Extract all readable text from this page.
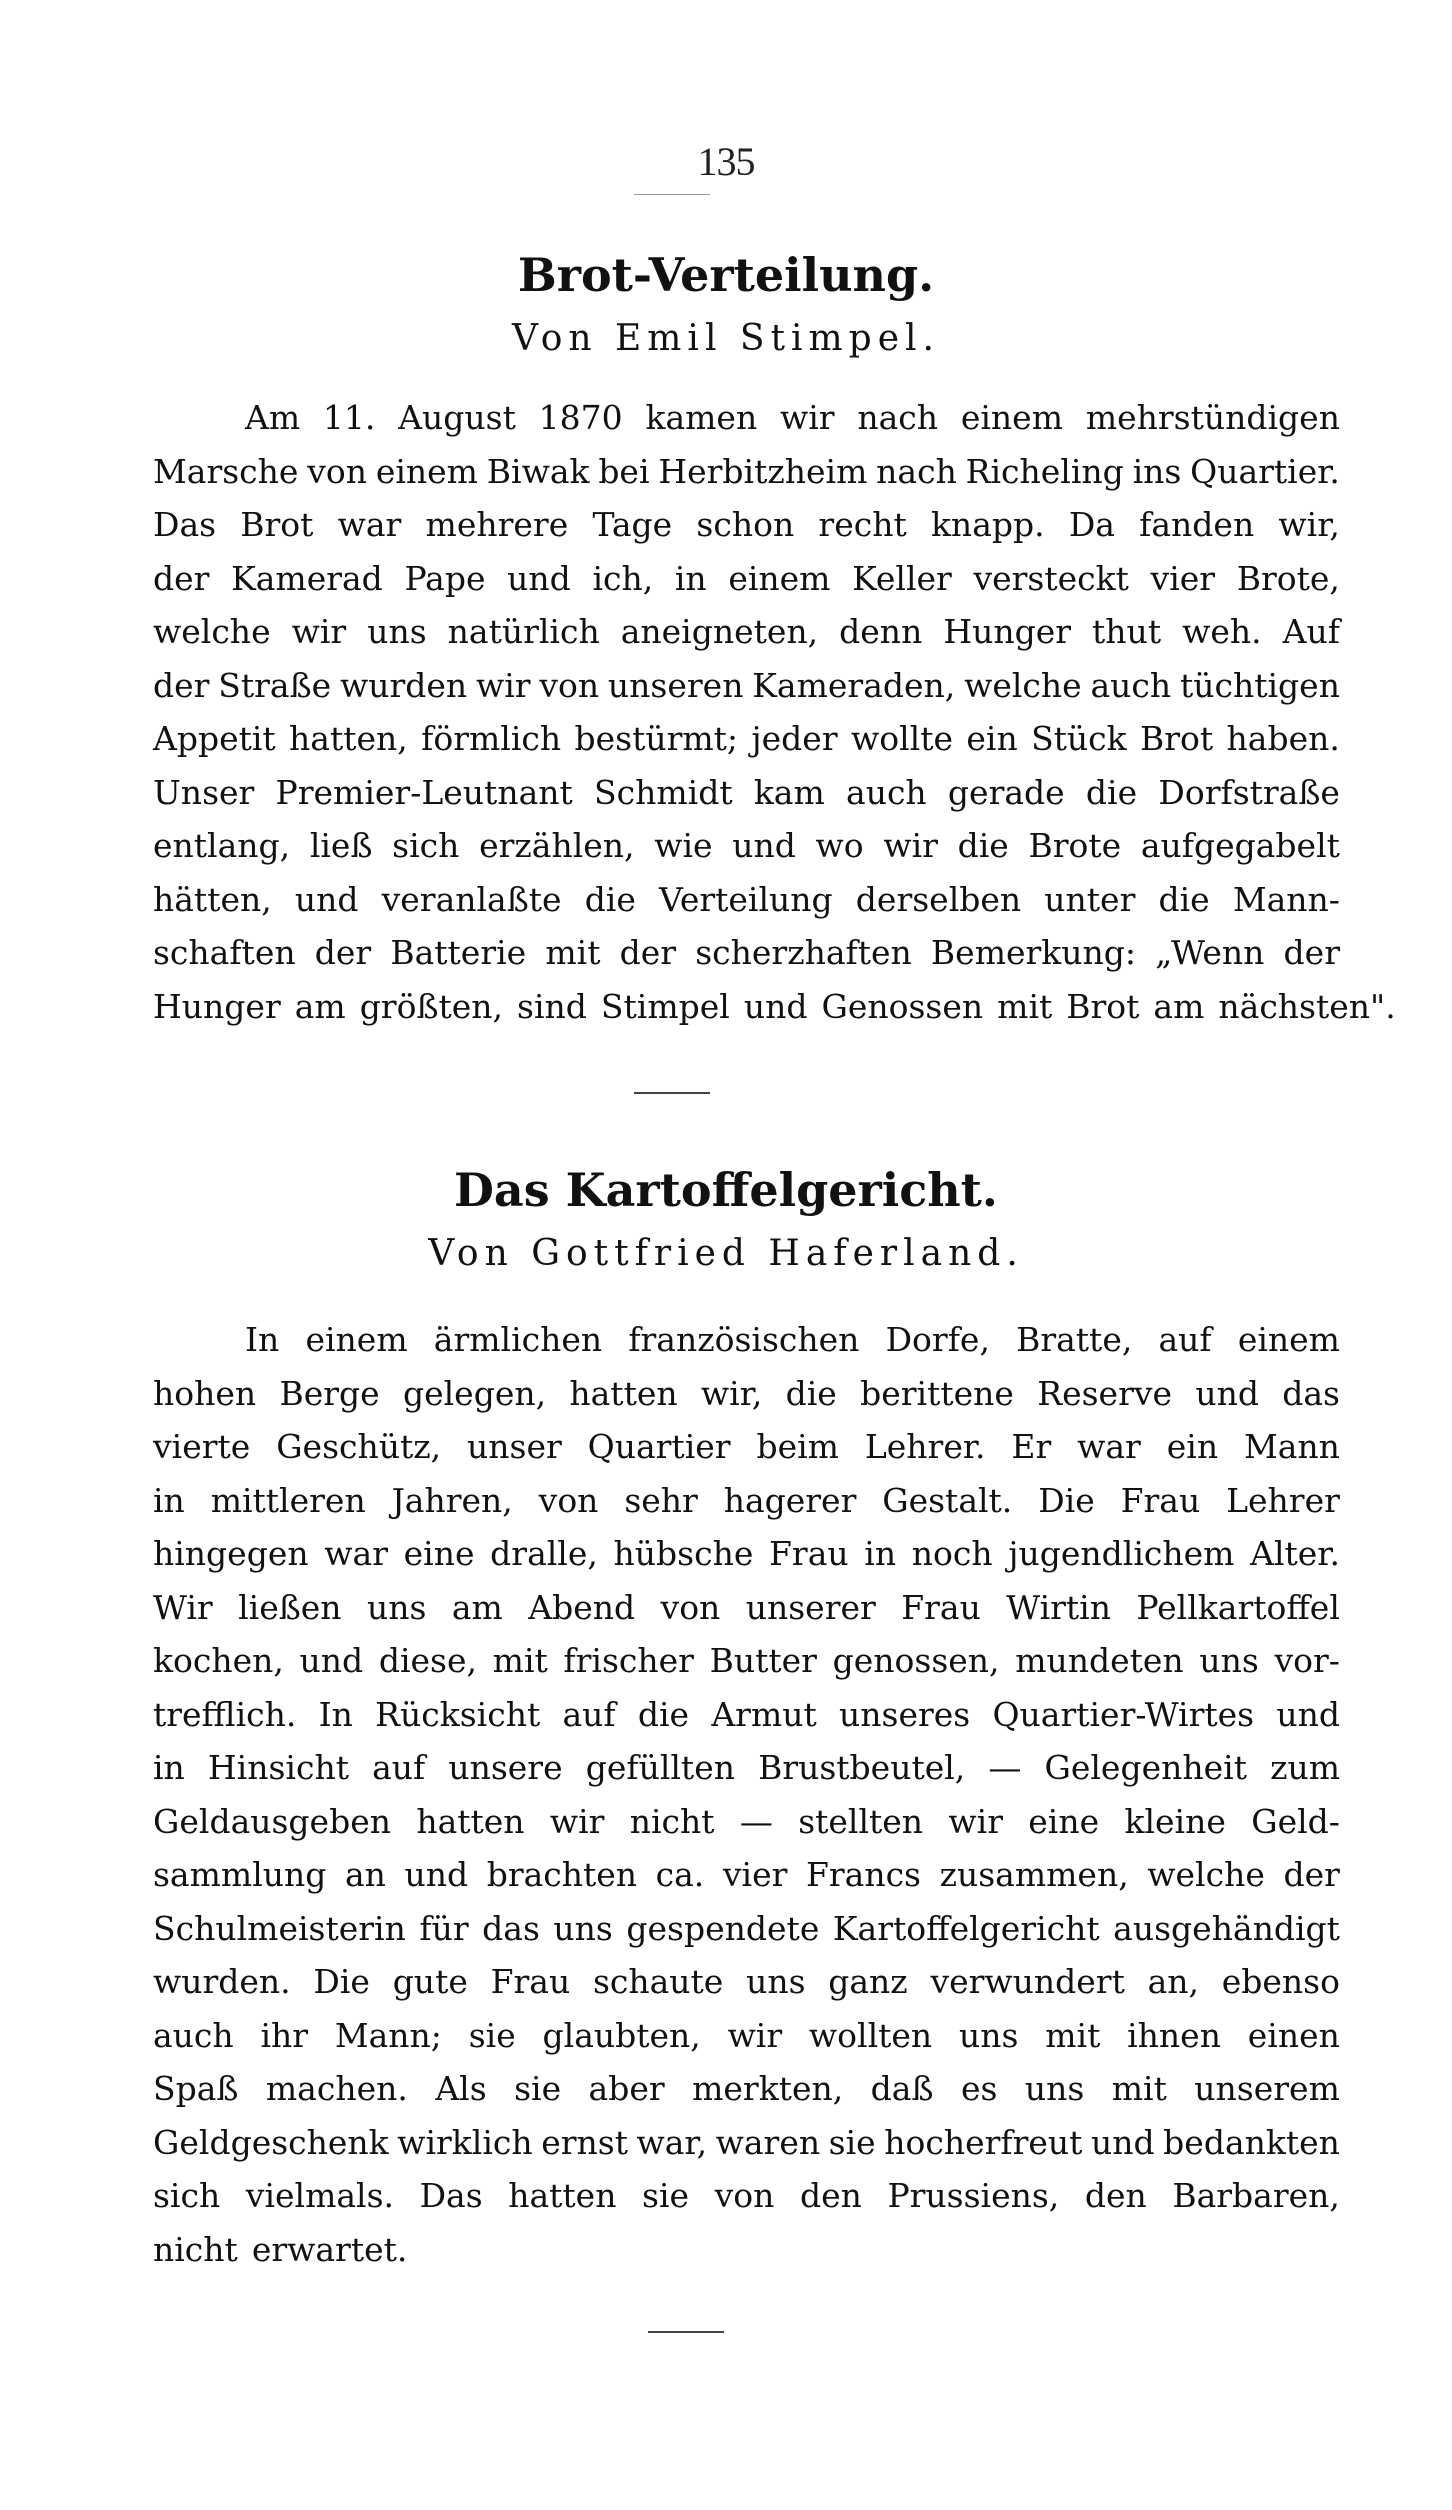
135
Brot-Verteilung.
Von Emil Stimpel.
Am 11. August 1870 kamen wir nach einem mehrstündigen
Marsche von einem Biwak bei Herbitzheim nach Richeling ins Quartier.
Das Brot war mehrere Tage schon recht knapp. Da fanden wir,
der Kamerad Pape und ich, in einem Keller versteckt vier Brote,
welche wir uns natürlich aneigneten, denn Hunger thut weh. Auf
der Straße wurden wir von unseren Kameraden, welche auch tüchtigen
Appetit hatten, förmlich bestürmt; jeder wollte ein Stück Brot haben.
Unser Premier-Leutnant Schmidt kam auch gerade die Dorfstraße
entlang, ließ sich erzählen, wie und wo wir die Brote aufgegabelt
hätten, und veranlaßte die Verteilung derselben unter die Mann-
schaften der Batterie mit der scherzhaften Bemerkung: „Wenn der
Hunger am größten, sind Stimpel und Genossen mit Brot am nächsten".
Das Kartoffelgericht.
Von Gottfried Haferland.
In einem ärmlichen französischen Dorfe, Bratte, auf einem
hohen Berge gelegen, hatten wir, die berittene Reserve und das
vierte Geschütz, unser Quartier beim Lehrer. Er war ein Mann
in mittleren Jahren, von sehr hagerer Gestalt. Die Frau Lehrer
hingegen war eine dralle, hübsche Frau in noch jugendlichem Alter.
Wir ließen uns am Abend von unserer Frau Wirtin Pellkartoffel
kochen, und diese, mit frischer Butter genossen, mundeten uns vor-
trefflich. In Rücksicht auf die Armut unseres Quartier-Wirtes und
in Hinsicht auf unsere gefüllten Brustbeutel, — Gelegenheit zum
Geldausgeben hatten wir nicht — stellten wir eine kleine Geld-
sammlung an und brachten ca. vier Francs zusammen, welche der
Schulmeisterin für das uns gespendete Kartoffelgericht ausgehändigt
wurden. Die gute Frau schaute uns ganz verwundert an, ebenso
auch ihr Mann; sie glaubten, wir wollten uns mit ihnen einen
Spaß machen. Als sie aber merkten, daß es uns mit unserem
Geldgeschenk wirklich ernst war, waren sie hocherfreut und bedankten
sich vielmals. Das hatten sie von den Prussiens, den Barbaren,
nicht erwartet.
